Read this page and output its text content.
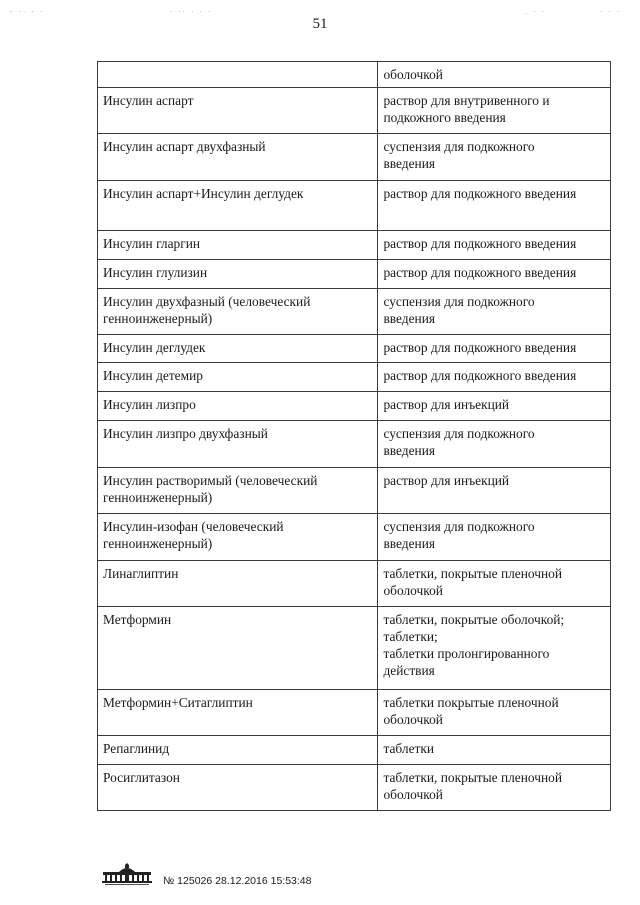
- ·· - ·	· ·· · · ·	. · ·	· · ·
51
	оболочкой
Инсулин аспарт	раствор для внутривенного и
подкожного введения
Инсулин аспарт двухфазный	суспензия для подкожного
введения
Инсулин аспарт+Инсулин деглудек	раствор для подкожного введения
Инсулин гларгин	раствор для подкожного введения
Инсулин глулизин	раствор для подкожного введения
Инсулин двухфазный (человеческий
генноинженерный)	суспензия для подкожного
введения
Инсулин деглудек	раствор для подкожного введения
Инсулин детемир	раствор для подкожного введения
Инсулин лизпро	раствор для инъекций
Инсулин лизпро двухфазный	суспензия для подкожного
введения
Инсулин растворимый (человеческий
генноинженерный)	раствор для инъекций
Инсулин-изофан (человеческий
генноинженерный)	суспензия для подкожного
введения
Линаглиптин	таблетки, покрытые пленочной
оболочкой
Метформин	таблетки, покрытые оболочкой;
таблетки;
таблетки пролонгированного
действия
Метформин+Ситаглиптин	таблетки покрытые пленочной
оболочкой
Репаглинид	таблетки
Росиглитазон	таблетки, покрытые пленочной
оболочкой
№ 125026 28.12.2016 15:53:48
